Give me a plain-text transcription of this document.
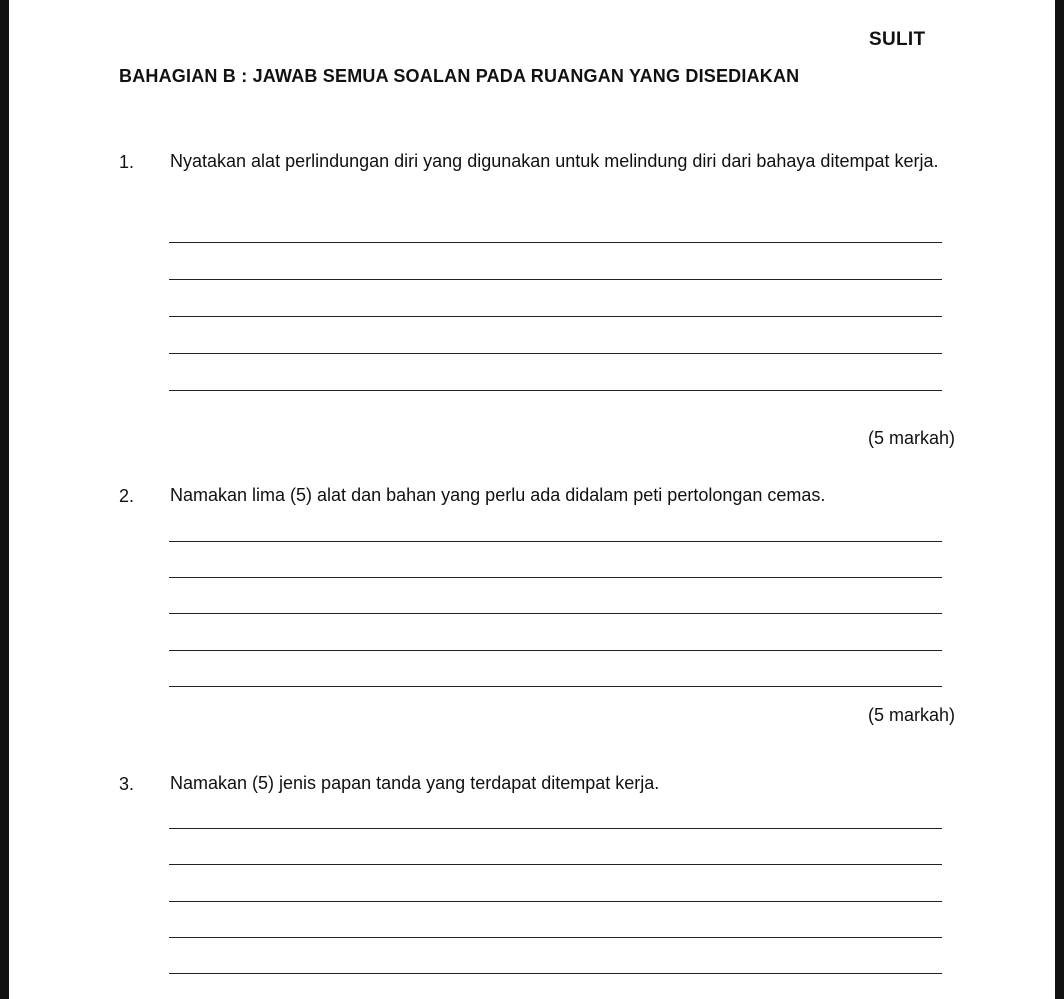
SULIT
BAHAGIAN B : JAWAB SEMUA SOALAN PADA RUANGAN YANG DISEDIAKAN
1. Nyatakan alat perlindungan diri yang digunakan untuk melindung diri dari bahaya ditempat kerja.
(5 markah)
2. Namakan lima (5) alat dan bahan yang perlu ada didalam peti pertolongan cemas.
(5 markah)
3. Namakan (5) jenis papan tanda yang terdapat ditempat kerja.
